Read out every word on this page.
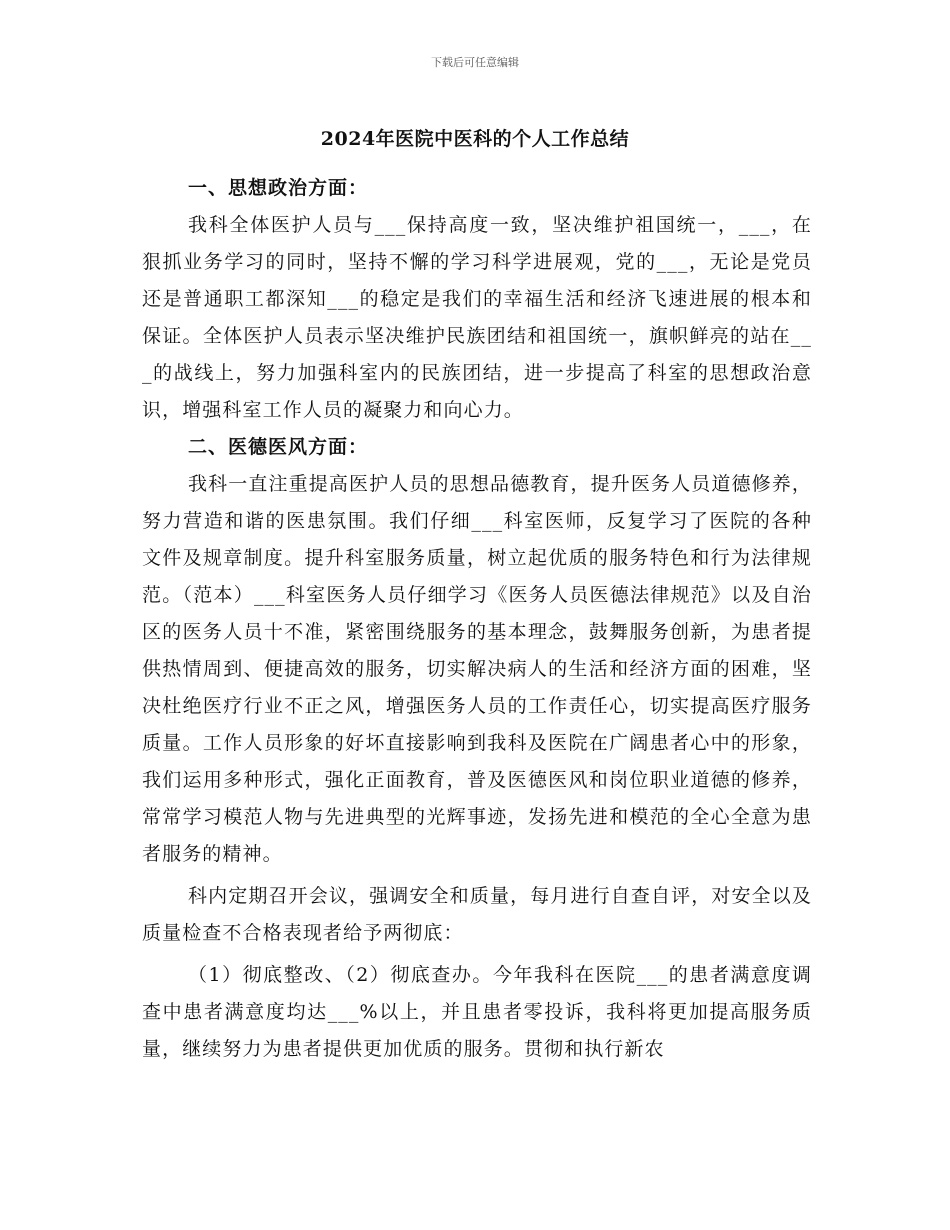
下载后可任意编辑
2024年医院中医科的个人工作总结

一、思想政治方面：

我科全体医护人员与___保持高度一致，坚决维护祖国统一，___，在狠抓业务学习的同时，坚持不懈的学习科学进展观，党的___，无论是党员还是普通职工都深知___的稳定是我们的幸福生活和经济飞速进展的根本和保证。全体医护人员表示坚决维护民族团结和祖国统一，旗帜鲜亮的站在___的战线上，努力加强科室内的民族团结，进一步提高了科室的思想政治意识，增强科室工作人员的凝聚力和向心力。

二、医德医风方面：

我科一直注重提高医护人员的思想品德教育，提升医务人员道德修养，努力营造和谐的医患氛围。我们仔细___科室医师，反复学习了医院的各种文件及规章制度。提升科室服务质量，树立起优质的服务特色和行为法律规范。（范本）___科室医务人员仔细学习《医务人员医德法律规范》以及自治区的医务人员十不准，紧密围绕服务的基本理念，鼓舞服务创新，为患者提供热情周到、便捷高效的服务，切实解决病人的生活和经济方面的困难，坚决杜绝医疗行业不正之风，增强医务人员的工作责任心，切实提高医疗服务质量。工作人员形象的好坏直接影响到我科及医院在广阔患者心中的形象，我们运用多种形式，强化正面教育，普及医德医风和岗位职业道德的修养，常常学习模范人物与先进典型的光辉事迹，发扬先进和模范的全心全意为患者服务的精神。

科内定期召开会议，强调安全和质量，每月进行自查自评，对安全以及质量检查不合格表现者给予两彻底：

（1）彻底整改、（2）彻底查办。今年我科在医院___的患者满意度调查中患者满意度均达___%以上，并且患者零投诉，我科将更加提高服务质量，继续努力为患者提供更加优质的服务。贯彻和执行新农
